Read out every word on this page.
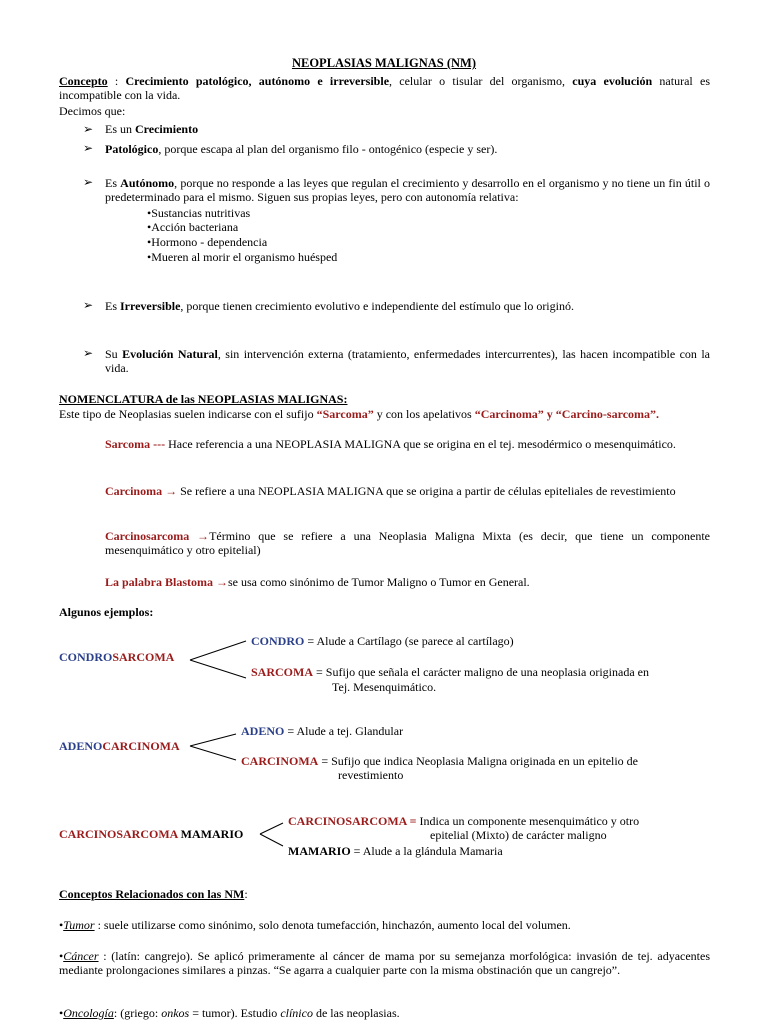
NEOPLASIAS MALIGNAS (NM)
Concepto : Crecimiento patológico, autónomo e irreversible, celular o tisular del organismo, cuya evolución natural es incompatible con la vida.
Decimos que:
➢ Es un Crecimiento
➢ Patológico, porque escapa al plan del organismo filo - ontogénico (especie y ser).
➢ Es Autónomo, porque no responde a las leyes que regulan el crecimiento y desarrollo en el organismo y no tiene un fin útil o predeterminado para el mismo. Siguen sus propias leyes, pero con autonomía relativa:
•Sustancias nutritivas
•Acción bacteriana
•Hormono - dependencia
•Mueren al morir el organismo huésped
➢ Es Irreversible, porque tienen crecimiento evolutivo e independiente del estímulo que lo originó.
➢ Su Evolución Natural, sin intervención externa (tratamiento, enfermedades intercurrentes), las hacen incompatible con la vida.
NOMENCLATURA de las NEOPLASIAS MALIGNAS:
Este tipo de Neoplasias suelen indicarse con el sufijo “Sarcoma” y con los apelativos “Carcinoma” y “Carcino-sarcoma”.
Sarcoma --- Hace referencia a una NEOPLASIA MALIGNA que se origina en el tej. mesodérmico o mesenquimático.
Carcinoma → Se refiere a una NEOPLASIA MALIGNA que se origina a partir de células epiteliales de revestimiento
Carcinosarcoma →Término que se refiere a una Neoplasia Maligna Mixta (es decir, que tiene un componente mesenquimático y otro epitelial)
La palabra Blastoma →se usa como sinónimo de Tumor Maligno o Tumor en General.
Algunos ejemplos:
CONDROSARCOMA
CONDRO = Alude a Cartílago (se parece al cartílago)
SARCOMA = Sufijo que señala el carácter maligno de una neoplasia originada en
Tej. Mesenquimático.
ADENOCARCINOMA
ADENO = Alude a tej. Glandular
CARCINOMA = Sufijo que indica Neoplasia Maligna originada en un epitelio de
revestimiento
CARCINOSARCOMA MAMARIO
CARCINOSARCOMA = Indica un componente mesenquimático y otro
epitelial (Mixto) de carácter maligno
MAMARIO = Alude a la glándula Mamaria
Conceptos Relacionados con las NM:
•Tumor : suele utilizarse como sinónimo, solo denota tumefacción, hinchazón, aumento local del volumen.
•Cáncer : (latín: cangrejo). Se aplicó primeramente al cáncer de mama por su semejanza morfológica: invasión de tej. adyacentes mediante prolongaciones similares a pinzas. “Se agarra a cualquier parte con la misma obstinación que un cangrejo”.
•Oncología: (griego: onkos = tumor). Estudio clínico de las neoplasias.
